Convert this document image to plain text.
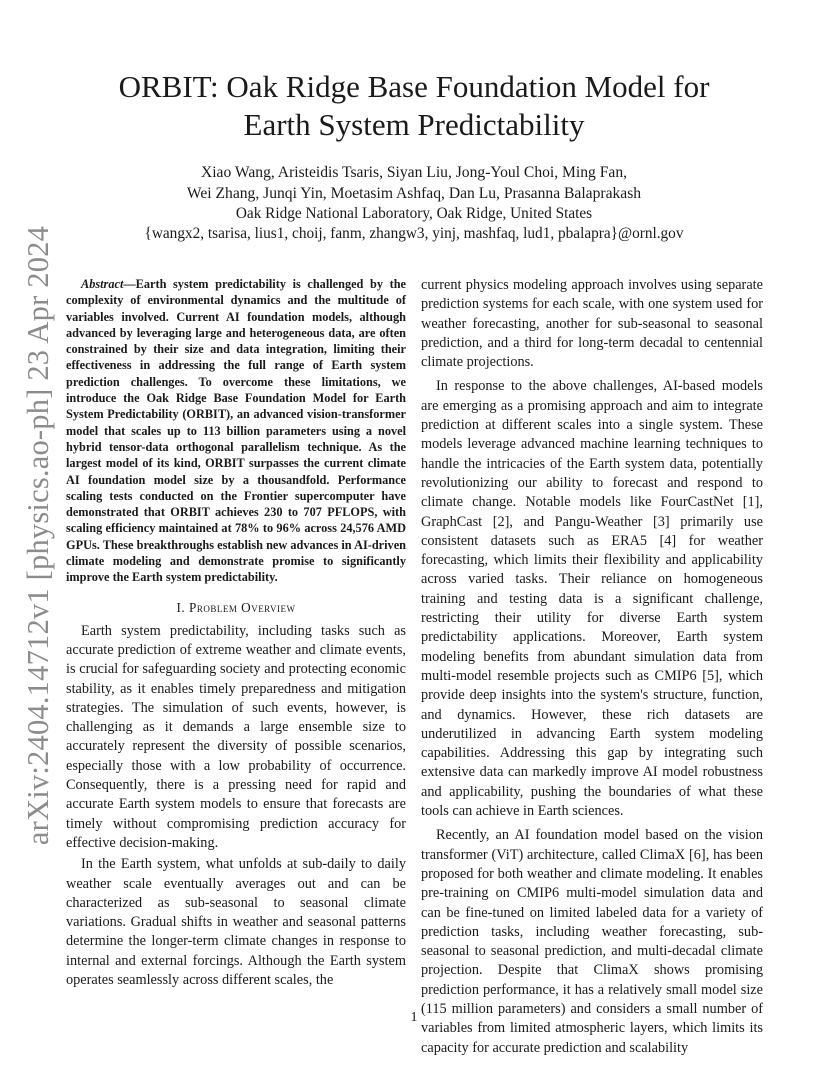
arXiv:2404.14712v1 [physics.ao-ph] 23 Apr 2024
ORBIT: Oak Ridge Base Foundation Model for
Earth System Predictability
Xiao Wang, Aristeidis Tsaris, Siyan Liu, Jong-Youl Choi, Ming Fan,
Wei Zhang, Junqi Yin, Moetasim Ashfaq, Dan Lu, Prasanna Balaprakash
Oak Ridge National Laboratory, Oak Ridge, United States
{wangx2, tsarisa, lius1, choij, fanm, zhangw3, yinj, mashfaq, lud1, pbalapra}@ornl.gov

Abstract—Earth system predictability is challenged by the complexity of environmental dynamics and the multitude of variables involved. Current AI foundation models, although advanced by leveraging large and heterogeneous data, are often constrained by their size and data integration, limiting their effectiveness in addressing the full range of Earth system prediction challenges. To overcome these limitations, we introduce the Oak Ridge Base Foundation Model for Earth System Predictability (ORBIT), an advanced vision-transformer model that scales up to 113 billion parameters using a novel hybrid tensor-data orthogonal parallelism technique. As the largest model of its kind, ORBIT surpasses the current climate AI foundation model size by a thousandfold. Performance scaling tests conducted on the Frontier supercomputer have demonstrated that ORBIT achieves 230 to 707 PFLOPS, with scaling efficiency maintained at 78% to 96% across 24,576 AMD GPUs. These breakthroughs establish new advances in AI-driven climate modeling and demonstrate promise to significantly improve the Earth system predictability.

I. Problem Overview

Earth system predictability, including tasks such as accurate prediction of extreme weather and climate events, is crucial for safeguarding society and protecting economic stability, as it enables timely preparedness and mitigation strategies. The simulation of such events, however, is challenging as it demands a large ensemble size to accurately represent the diversity of possible scenarios, especially those with a low probability of occurrence. Consequently, there is a pressing need for rapid and accurate Earth system models to ensure that forecasts are timely without compromising prediction accuracy for effective decision-making.

In the Earth system, what unfolds at sub-daily to daily weather scale eventually averages out and can be characterized as sub-seasonal to seasonal climate variations. Gradual shifts in weather and seasonal patterns determine the longer-term climate changes in response to internal and external forcings. Although the Earth system operates seamlessly across different scales, the

current physics modeling approach involves using separate prediction systems for each scale, with one system used for weather forecasting, another for sub-seasonal to seasonal prediction, and a third for long-term decadal to centennial climate projections.

In response to the above challenges, AI-based models are emerging as a promising approach and aim to integrate prediction at different scales into a single system. These models leverage advanced machine learning techniques to handle the intricacies of the Earth system data, potentially revolutionizing our ability to forecast and respond to climate change. Notable models like FourCastNet [1], GraphCast [2], and Pangu-Weather [3] primarily use consistent datasets such as ERA5 [4] for weather forecasting, which limits their flexibility and applicability across varied tasks. Their reliance on homogeneous training and testing data is a significant challenge, restricting their utility for diverse Earth system predictability applications. Moreover, Earth system modeling benefits from abundant simulation data from multi-model resemble projects such as CMIP6 [5], which provide deep insights into the system's structure, function, and dynamics. However, these rich datasets are underutilized in advancing Earth system modeling capabilities. Addressing this gap by integrating such extensive data can markedly improve AI model robustness and applicability, pushing the boundaries of what these tools can achieve in Earth sciences.

Recently, an AI foundation model based on the vision transformer (ViT) architecture, called ClimaX [6], has been proposed for both weather and climate modeling. It enables pre-training on CMIP6 multi-model simulation data and can be fine-tuned on limited labeled data for a variety of prediction tasks, including weather forecasting, sub-seasonal to seasonal prediction, and multi-decadal climate projection. Despite that ClimaX shows promising prediction performance, it has a relatively small model size (115 million parameters) and considers a small number of variables from limited atmospheric layers, which limits its capacity for accurate prediction and scalability

1
